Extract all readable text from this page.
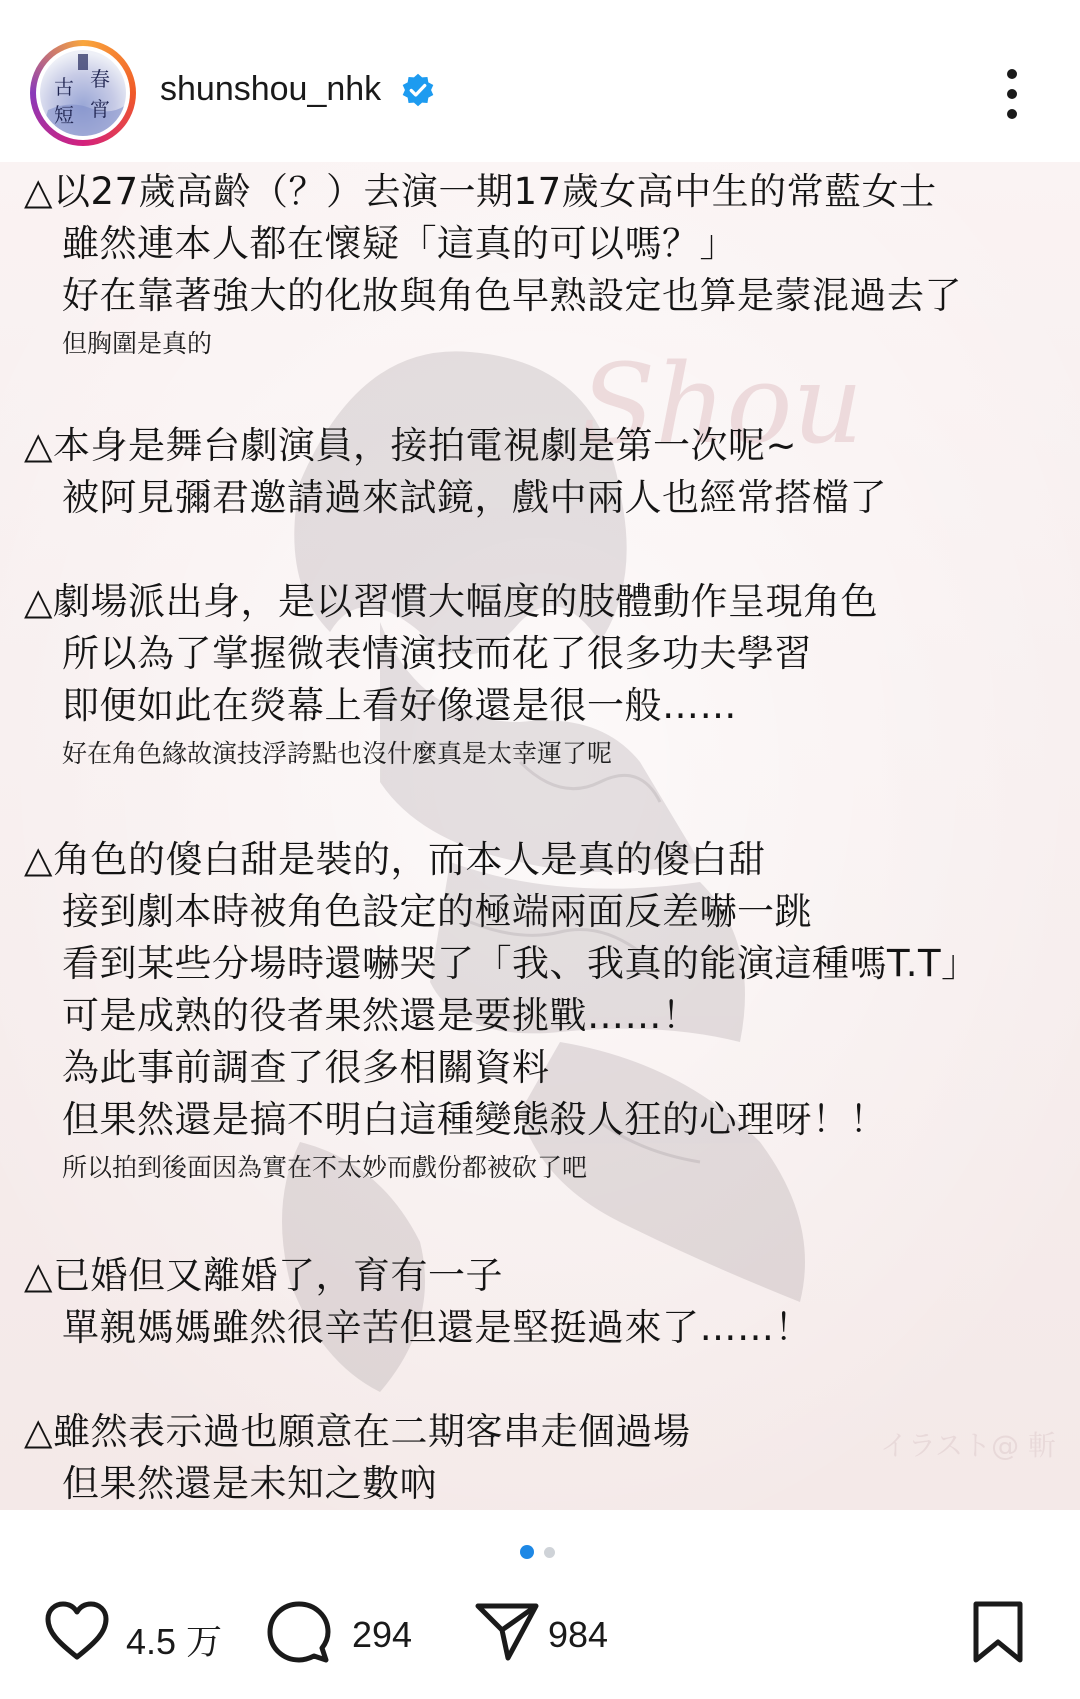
春
古
宵
短
shunshou_nhk
Shou
△以27歲高齡（？）去演一期17歲女高中生的常藍女士
雖然連本人都在懷疑「這真的可以嗎？」
好在靠著強大的化妝與角色早熟設定也算是蒙混過去了
但胸圍是真的
△本身是舞台劇演員，接拍電視劇是第一次呢~
被阿見彌君邀請過來試鏡，戲中兩人也經常搭檔了
△劇場派出身，是以習慣大幅度的肢體動作呈現角色
所以為了掌握微表情演技而花了很多功夫學習
即便如此在熒幕上看好像還是很一般……
好在角色緣故演技浮誇點也沒什麼真是太幸運了呢
△角色的傻白甜是裝的，而本人是真的傻白甜
接到劇本時被角色設定的極端兩面反差嚇一跳
看到某些分場時還嚇哭了「我、我真的能演這種嗎T.T」
可是成熟的役者果然還是要挑戰……！
為此事前調查了很多相關資料
但果然還是搞不明白這種變態殺人狂的心理呀！！
所以拍到後面因為實在不太妙而戲份都被砍了吧
△已婚但又離婚了，育有一子
單親媽媽雖然很辛苦但還是堅挺過來了……！
△雖然表示過也願意在二期客串走個過場
但果然還是未知之數吶
イラスト@ 斬
4.5 万	294	984
